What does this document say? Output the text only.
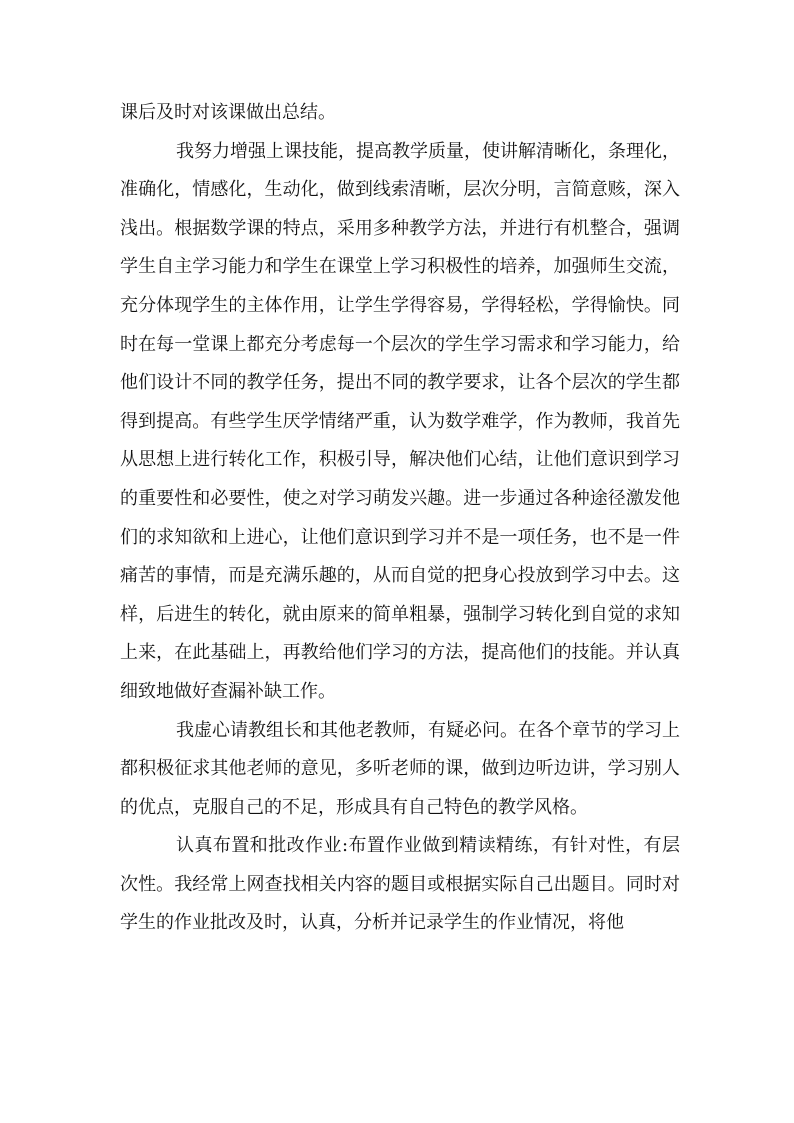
课后及时对该课做出总结。

我努力增强上课技能，提高教学质量，使讲解清晰化，条理化，准确化，情感化，生动化，做到线索清晰，层次分明，言简意赅，深入浅出。根据数学课的特点，采用多种教学方法，并进行有机整合，强调学生自主学习能力和学生在课堂上学习积极性的培养，加强师生交流，充分体现学生的主体作用，让学生学得容易，学得轻松，学得愉快。同时在每一堂课上都充分考虑每一个层次的学生学习需求和学习能力，给他们设计不同的教学任务，提出不同的教学要求，让各个层次的学生都得到提高。有些学生厌学情绪严重，认为数学难学，作为教师，我首先从思想上进行转化工作，积极引导，解决他们心结，让他们意识到学习的重要性和必要性，使之对学习萌发兴趣。进一步通过各种途径激发他们的求知欲和上进心，让他们意识到学习并不是一项任务，也不是一件痛苦的事情，而是充满乐趣的，从而自觉的把身心投放到学习中去。这样，后进生的转化，就由原来的简单粗暴，强制学习转化到自觉的求知上来，在此基础上，再教给他们学习的方法，提高他们的技能。并认真细致地做好查漏补缺工作。

我虚心请教组长和其他老教师，有疑必问。在各个章节的学习上都积极征求其他老师的意见，多听老师的课，做到边听边讲，学习别人的优点，克服自己的不足，形成具有自己特色的教学风格。

认真布置和批改作业:布置作业做到精读精练，有针对性，有层次性。我经常上网查找相关内容的题目或根据实际自己出题目。同时对学生的作业批改及时，认真，分析并记录学生的作业情况，将他
